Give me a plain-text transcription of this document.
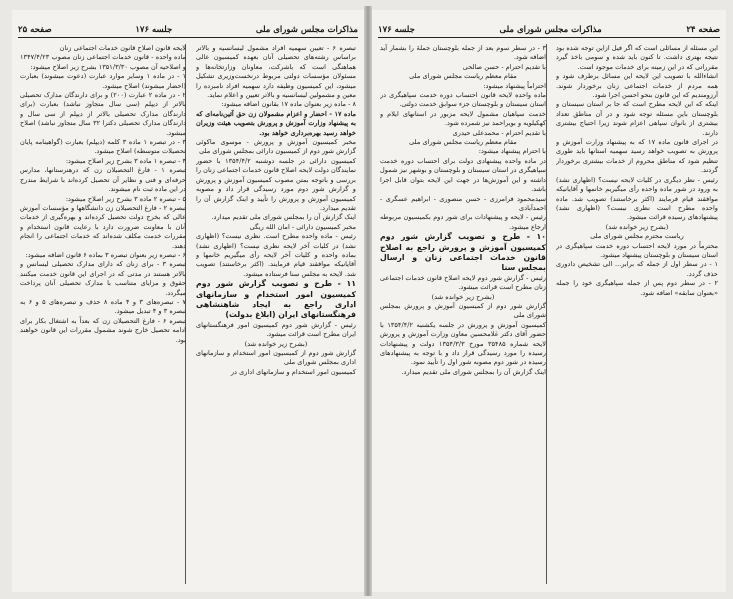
مذاکرات مجلس شورای ملی
جلسه ۱۷۶
صفحه ۲۵

تبصره ۶ - تعیین سهمیه افراد مشمول لیسانسیه و بالاتر براساس رشته‌های تحصیلی آنان بعهده کمیسیون عالی هماهنگی است که باشرکت، معاونان وزارتخانه‌ها و مسئولان مؤسسات دولتی مربوط درنخست‌وزیری تشکیل میشود، این کمیسیون وظیفه دارد سهمیه افراد نامبرده را معین و مشمولین لیسانسیه و بالاتر تعیین و اعلام نماید.

۸ - ماده زیر بعنوان ماده ۱۷ بقانون اضافه میشود:

ماده ۱۷ - احضار و اعزام مشمولان زن حق آئین‌نامه‌ای که به پیشنهاد وزارت آموزش و پرورش بتصویب هیئت وزیران خواهد رسید بهره‌برداری خواهد بود.

مخبر کمیسیون آموزش و پرورش - موسوی ماکوئی گزارش شور دوم از کمیسیون دارائی بمجلس شورای ملی

کمیسیون دارائی در جلسه دوشنبه ۱۳۵۴/۴/۲ با حضور نمایندگان دولت لایحه اصلاح قانون خدمات اجتماعی زنان را بررسی و باتوجه بمتن مصوب کمیسیون آموزش و پرورش و گزارش شور دوم مورد رسیدگی قرار داد و مصوبه کمیسیون آموزش و پرورش را تأیید و اینک گزارش آن را تقدیم میدارد.

اینک گزارش آن را بمجلس شورای ملی تقدیم میدارد.

مخبر کمیسیون دارائی - امان الله ریگی

رئیس - ماده واحده مطرح است. نظری نیست؟ (اظهاری نشد) در کلیات آخر لایحه نظری نیست؟ (اظهاری نشد) بماده واحده و کلیات آخر لایحه رأی میگیریم خانمها و آقایانیکه موافقند قیام فرمایند. (اکثر برخاستند) تصویب شد. لایحه به مجلس سنا فرستاده میشود.

۱۱ - طرح و تصویب گزارش شور دوم کمیسیون امور استخدام و سازمانهای اداری راجع به ایجاد شاهنشاهی فرهنگستانهای ایران (ابلاغ بدولت)

رئیس - گزارش شور دوم کمیسیون امور فرهنگستانهای ایران مطرح است قرائت میشود.

(بشرح زیر خوانده شد)

گزارش شور دوم از کمیسیون امور استخدام و سازمانهای اداری بمجلس شورای ملی

کمیسیون امور استخدام و سازمانهای اداری در

لایحه قانون اصلاح قانون خدمات اجتماعی زنان

ماده واحده - قانون خدمات اجتماعی زنان مصوب ۱۳۴۷/۴/۲۳ و اصلاحیه آن مصوب ۱۳۵۱/۳/۳۰ بشرح زیر اصلاح میشود:

۱ - در ماده ۱ وسایر موارد عبارت (دعوت میشوند) بعبارت (احضار میشوند) اصلاح میشود.

۲ - در ماده ۲ عبارت (۲۰۰) و برای دارندگان مدارک تحصیلی بالاتر از دیپلم (سی سال متجاوز نباشد) بعبارت (برای دارندگان مدارک تحصیلی بالاتر از دیپلم از سی سال و دارندگان مدارک تحصیلی دکترا ۳۲ سال متجاوز نباشد) اصلاح میشود.

۳ - در تبصره ۱ ماده ۳ کلمه (دیپلم) بعبارت (گواهینامه پایان تحصیلات متوسطه) اصلاح میشود.

۴ - تبصره ۱ ماده ۳ بشرح زیر اصلاح میشود:

تبصره ۱ - فارغ التحصیلان زن که درهنرستانها، مدارس حرفه‌ای و فنی و نظایر آن تحصیل کرده‌اند با شرایط مندرج در این ماده ثبت نام میشوند.

۵ - تبصره ۲ ماده ۳ بشرح زیر اصلاح میشود:

تبصره ۲ - فارغ التحصیلان زن دانشگاهها و مؤسسات آموزش عالی که بخرج دولت تحصیل کرده‌اند و بهره‌گیری از خدمات آنان با معاونت ضرورت دارد با رعایت قانون استخدام و مقررات خدمت مکلف شده‌اند که خدمات اجتماعی را انجام دهند.

۶ - تبصره زیر بعنوان تبصره ۳ بماده ۶ قانون اضافه میشود:

تبصره ۳ - برای زنان که دارای مدارک تحصیلی لیسانس و بالاتر هستند در مدتی که در اجرای این قانون خدمت میکنند حقوق و مزایای متناسب با مدارک تحصیلی آنان پرداخت میگردد.

۷ - تبصره‌های ۳ و ۴ ماده ۸ حذف و تبصره‌های ۵ و ۶ به تبصره ۳ و ۴ تبدیل میشود.

تبصره ۶ - فارغ التحصیلان زن که بعداً به اشتغال بکار برای ادامه تحصیل خارج شوند مشمول مقررات این قانون خواهند بود.

صفحه ۲۴
مذاکرات مجلس شورای ملی
جلسه ۱۷۶

این مسئله از مسائلی است که اگر فیل ازاین توجه شده بود نتیجه بهتری داشت. تا کنون باید شده و سومی باخذ گیرد مقرراتی که در این زمینه برای خدمات موجود است.

انشاءالله با تصویب این لایحه این مسائل برطرف شود و همه مردم از خدمات اجتماعی زنان برخوردار شوند. آرزومندیم که این قانون بنحو احسن اجرا شود.

اینکه که این لایحه مطرح است که جا بر استان سیستان و بلوچستان باین مسئله توجه شود و در آن مناطق تعداد بیشتری از بانوان سپاهی اعزام شوند زیرا احتیاج بیشتری دارند.

در اجرای قانون ماده ۱۷ که به پیشنهاد وزارت آموزش و پرورش به تصویب خواهد رسید سهمیه استانها باید طوری تنظیم شود که مناطق محروم از خدمات بیشتری برخوردار گردند.

رئیس - نظر دیگری در کلیات لایحه نیست؟ (اظهاری نشد) به ورود در شور ماده واحده رأی میگیریم خانمها و آقایانیکه موافقند قیام فرمایند (اکثر برخاستند) تصویب شد. ماده واحده مطرح است نظری نیست؟ (اظهاری نشد) پیشنهادهای رسیده قرائت میشود.

(بشرح زیر خوانده شد)

ریاست محترم مجلس شورای ملی

محترماً در مورد لایحه احتساب دوره خدمت سپاهیگری در استان سیستان و بلوچستان پیشنهاد میشود.

۱ - در سطر اول از جمله که برابر... الی تشخیص دادوری حذف گردد.

۲ - در سطر دوم پس از جمله سپاهیگری خود را جمله «بعنوان سابقه» اضافه شود.

۳ - در سطر سوم بعد از جمله بلوچستان جملهٔ را بشمار آید اضافه شود.

با تقدیم احترام - حسن صالحی

مقام معظم ریاست مجلس شورای ملی

احتراماً پیشنهاد میشود:

ماده واحده لایحه قانون احتساب دوره خدمت سپاهیگری در استان سیستان و بلوچستان جزء سوابق خدمت دولتی.

خدمت سپاهیان مشمول لایحه مزبور در استانهای ایلام و کهکیلویه و بویراحمد نیز شمرده شود.

با تقدیم احترام - محمدعلی حیدری

مقام معظم ریاست مجلس شورای ملی

با احترام پیشنهاد میشود:

در ماده واحده پیشنهادی دولت برای احتساب دوره خدمت سپاهیگری در استان سیستان و بلوچستان و بوشهر نیز شمول داشته و این آموزش‌ها در جهت این لایحه بتوان قابل اجرا باشد.

سیدمحمود فرامرزی - حسن منصوری - ابراهیم عسگری - احمدآبادی

رئیس - لایحه و پیشنهادات برای شور دوم بکمیسیون مربوطه ارجاع میشود.

۱۰ - طرح و تصویب گزارش شور دوم کمیسیون آموزش و پرورش راجع به اصلاح قانون خدمات اجتماعی زنان و ارسال بمجلس سنا

رئیس - گزارش شور دوم لایحه اصلاح قانون خدمات اجتماعی زنان مطرح است قرائت میشود.

(بشرح زیر خوانده شد)

گزارش شور دوم از کمیسیون آموزش و پرورش بمجلس شورای ملی

کمیسیون آموزش و پرورش در جلسه یکشنبه ۱۳۵۴/۴/۲ با حضور آقای دکتر غلامحسین معاون وزارت آموزش و پرورش لایحه شماره ۳۵۴۸۵ مورخ ۱۳۵۴/۳/۳ دولت و پیشنهادات رسیده را مورد رسیدگی قرار داد و با توجه به پیشنهادهای رسیده در شور دوم مصوبه شور اول را تأیید نمود.

اینک گزارش آن را بمجلس شورای ملی تقدیم میدارد.
